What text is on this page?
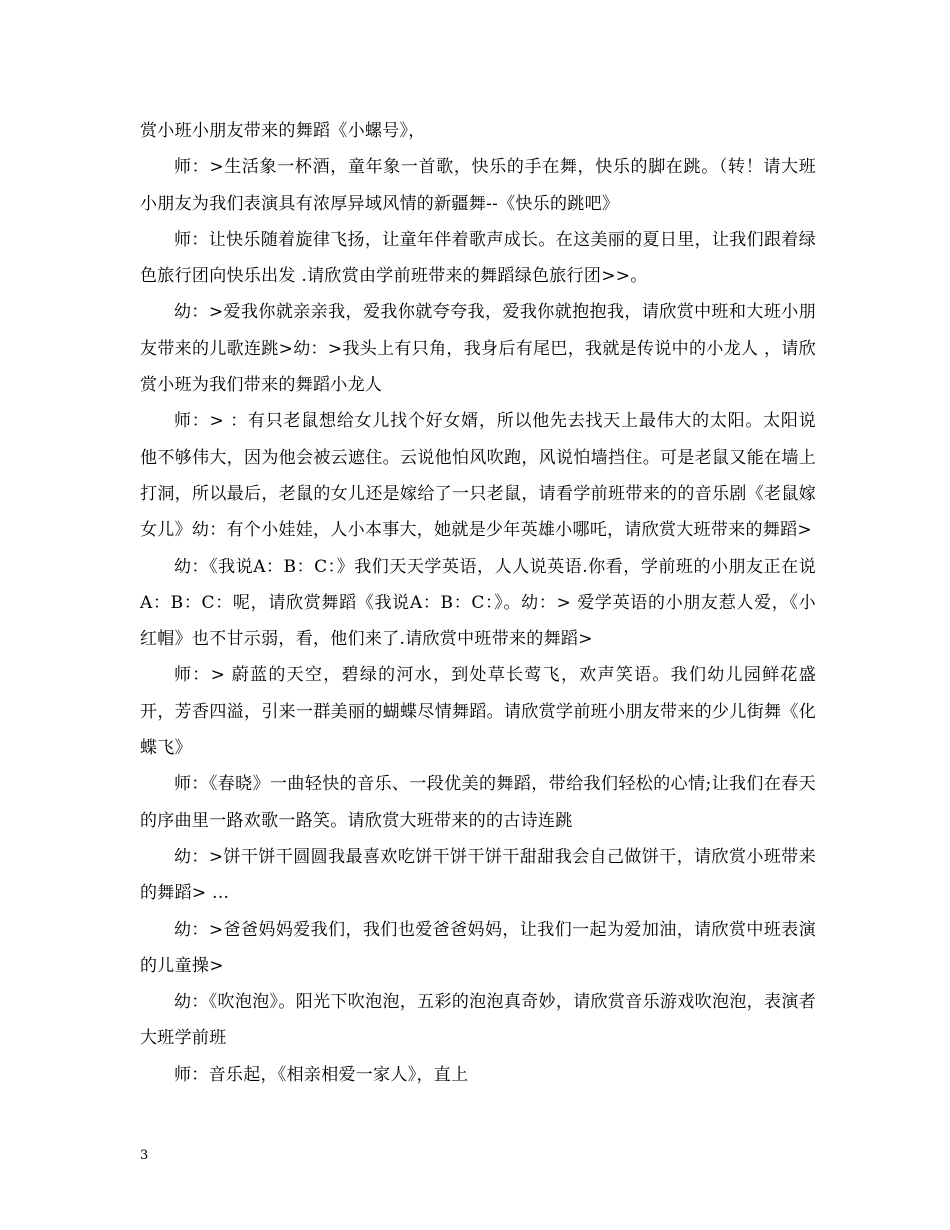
赏小班小朋友带来的舞蹈《小螺号》，

师：>生活象一杯酒，童年象一首歌，快乐的手在舞，快乐的脚在跳。（转！请大班小朋友为我们表演具有浓厚异域风情的新疆舞--《快乐的跳吧》

师：让快乐随着旋律飞扬，让童年伴着歌声成长。在这美丽的夏日里，让我们跟着绿色旅行团向快乐出发 .请欣赏由学前班带来的舞蹈绿色旅行团>>。

幼：>爱我你就亲亲我，爱我你就夸夸我，爱我你就抱抱我，请欣赏中班和大班小朋友带来的儿歌连跳>幼：>我头上有只角，我身后有尾巴，我就是传说中的小龙人 ，请欣赏小班为我们带来的舞蹈小龙人

师：> ：有只老鼠想给女儿找个好女婿，所以他先去找天上最伟大的太阳。太阳说他不够伟大，因为他会被云遮住。云说他怕风吹跑，风说怕墙挡住。可是老鼠又能在墙上打洞，所以最后，老鼠的女儿还是嫁给了一只老鼠，请看学前班带来的的音乐剧《老鼠嫁女儿》幼：有个小娃娃，人小本事大，她就是少年英雄小哪吒，请欣赏大班带来的舞蹈>

幼：《我说A：B：C：》我们天天学英语，人人说英语.你看，学前班的小朋友正在说A：B：C：呢，请欣赏舞蹈《我说A：B：C：》。幼：> 爱学英语的小朋友惹人爱，《小红帽》也不甘示弱，看，他们来了.请欣赏中班带来的舞蹈>

师：> 蔚蓝的天空，碧绿的河水，到处草长莺飞，欢声笑语。我们幼儿园鲜花盛开，芳香四溢，引来一群美丽的蝴蝶尽情舞蹈。请欣赏学前班小朋友带来的少儿街舞《化蝶飞》

师：《春晓》一曲轻快的音乐、一段优美的舞蹈，带给我们轻松的心情;让我们在春天的序曲里一路欢歌一路笑。请欣赏大班带来的的古诗连跳

幼：>饼干饼干圆圆我最喜欢吃饼干饼干饼干甜甜我会自己做饼干，请欣赏小班带来的舞蹈> ...

幼：>爸爸妈妈爱我们，我们也爱爸爸妈妈，让我们一起为爱加油，请欣赏中班表演的儿童操>

幼：《吹泡泡》。阳光下吹泡泡，五彩的泡泡真奇妙，请欣赏音乐游戏吹泡泡，表演者大班学前班

师：音乐起，《相亲相爱一家人》，直上

3
